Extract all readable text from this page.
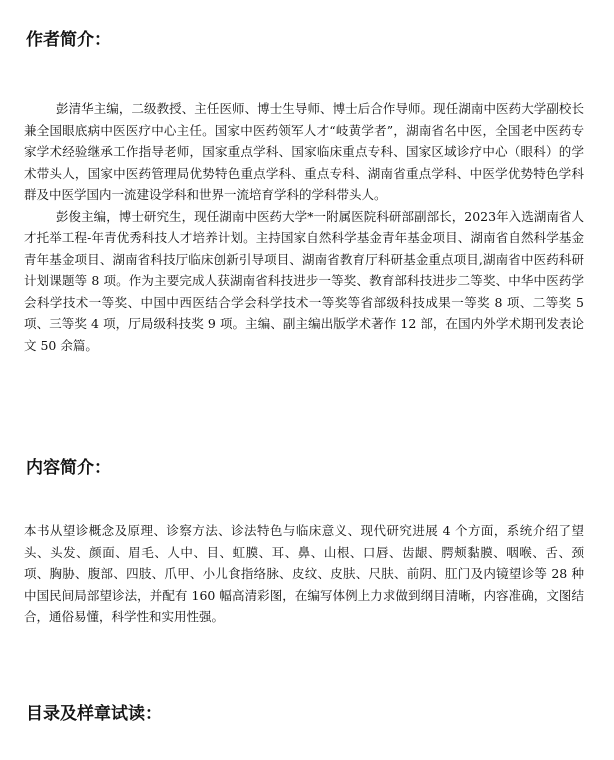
作者简介：

彭清华主编，二级教授、主任医师、博士生导师、博士后合作导师。现任湖南中医药大学副校长兼全国眼底病中医医疗中心主任。国家中医药领军人才“岐黄学者”，湖南省名中医，全国老中医药专家学术经验继承工作指导老师，国家重点学科、国家临床重点专科、国家区域诊疗中心（眼科）的学术带头人，国家中医药管理局优势特色重点学科、重点专科、湖南省重点学科、中医学优势特色学科群及中医学国内一流建设学科和世界一流培育学科的学科带头人。

彭俊主编，博士研究生，现任湖南中医药大学*一附属医院科研部副部长，2023年入选湖南省人才托举工程-年青优秀科技人才培养计划。主持国家自然科学基金青年基金项目、湖南省自然科学基金青年基金项目、湖南省科技厅临床创新引导项目、湖南省教育厅科研基金重点项目,湖南省中医药科研计划课题等 8 项。作为主要完成人获湖南省科技进步一等奖、教育部科技进步二等奖、中华中医药学会科学技术一等奖、中国中西医结合学会科学技术一等奖等省部级科技成果一等奖 8 项、二等奖 5 项、三等奖 4 项，厅局级科技奖 9 项。主编、副主编出版学术著作 12 部，在国内外学术期刊发表论文 50 余篇。

内容简介：

本书从望诊概念及原理、诊察方法、诊法特色与临床意义、现代研究进展 4 个方面，系统介绍了望头、头发、颜面、眉毛、人中、目、虹膜、耳、鼻、山根、口唇、齿龈、腭颊黏膜、咽喉、舌、颈项、胸胁、腹部、四肢、爪甲、小儿食指络脉、皮纹、皮肤、尺肤、前阴、肛门及内镜望诊等 28 种中国民间局部望诊法，并配有 160 幅高清彩图，在编写体例上力求做到纲目清晰，内容准确，文图结合，通俗易懂，科学性和实用性强。

目录及样章试读：
